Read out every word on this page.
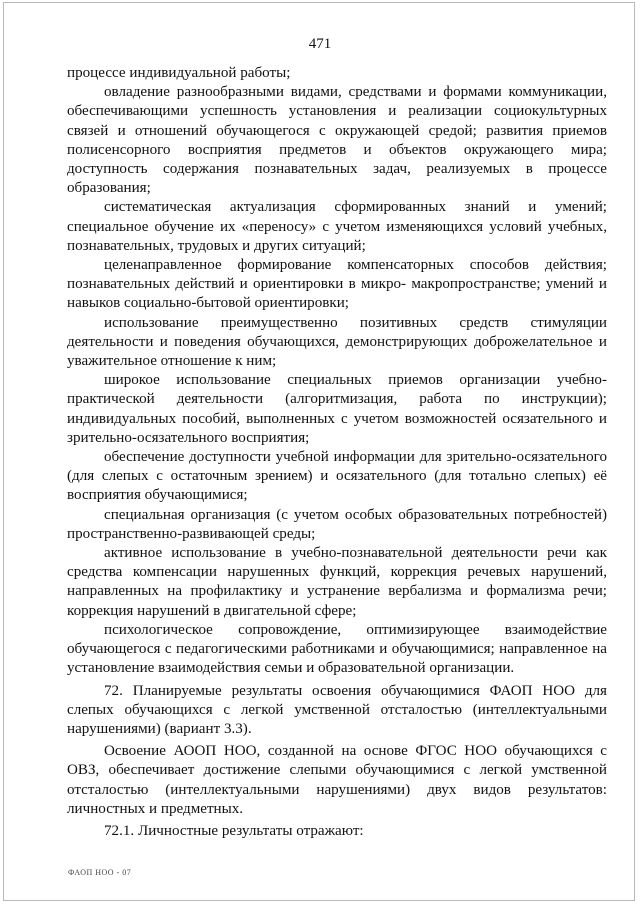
471

процессе индивидуальной работы;

овладение разнообразными видами, средствами и формами коммуникации, обеспечивающими успешность установления и реализации социокультурных связей и отношений обучающегося с окружающей средой; развития приемов полисенсорного восприятия предметов и объектов окружающего мира; доступность содержания познавательных задач, реализуемых в процессе образования;

систематическая актуализация сформированных знаний и умений; специальное обучение их «переносу» с учетом изменяющихся условий учебных, познавательных, трудовых и других ситуаций;

целенаправленное формирование компенсаторных способов действия; познавательных действий и ориентировки в микро- макропространстве; умений и навыков социально-бытовой ориентировки;

использование преимущественно позитивных средств стимуляции деятельности и поведения обучающихся, демонстрирующих доброжелательное и уважительное отношение к ним;

широкое использование специальных приемов организации учебно-практической деятельности (алгоритмизация, работа по инструкции); индивидуальных пособий, выполненных с учетом возможностей осязательного и зрительно-осязательного восприятия;

обеспечение доступности учебной информации для зрительно-осязательного (для слепых с остаточным зрением) и осязательного (для тотально слепых) её восприятия обучающимися;

специальная организация (с учетом особых образовательных потребностей) пространственно-развивающей среды;

активное использование в учебно-познавательной деятельности речи как средства компенсации нарушенных функций, коррекция речевых нарушений, направленных на профилактику и устранение вербализма и формализма речи; коррекция нарушений в двигательной сфере;

психологическое сопровождение, оптимизирующее взаимодействие обучающегося с педагогическими работниками и обучающимися; направленное на установление взаимодействия семьи и образовательной организации.

72. Планируемые результаты освоения обучающимися ФАОП НОО для слепых обучающихся с легкой умственной отсталостью (интеллектуальными нарушениями) (вариант 3.3).

Освоение АООП НОО, созданной на основе ФГОС НОО обучающихся с ОВЗ, обеспечивает достижение слепыми обучающимися с легкой умственной отсталостью (интеллектуальными нарушениями) двух видов результатов: личностных и предметных.

72.1. Личностные результаты отражают:

ФАОП НОО - 07
